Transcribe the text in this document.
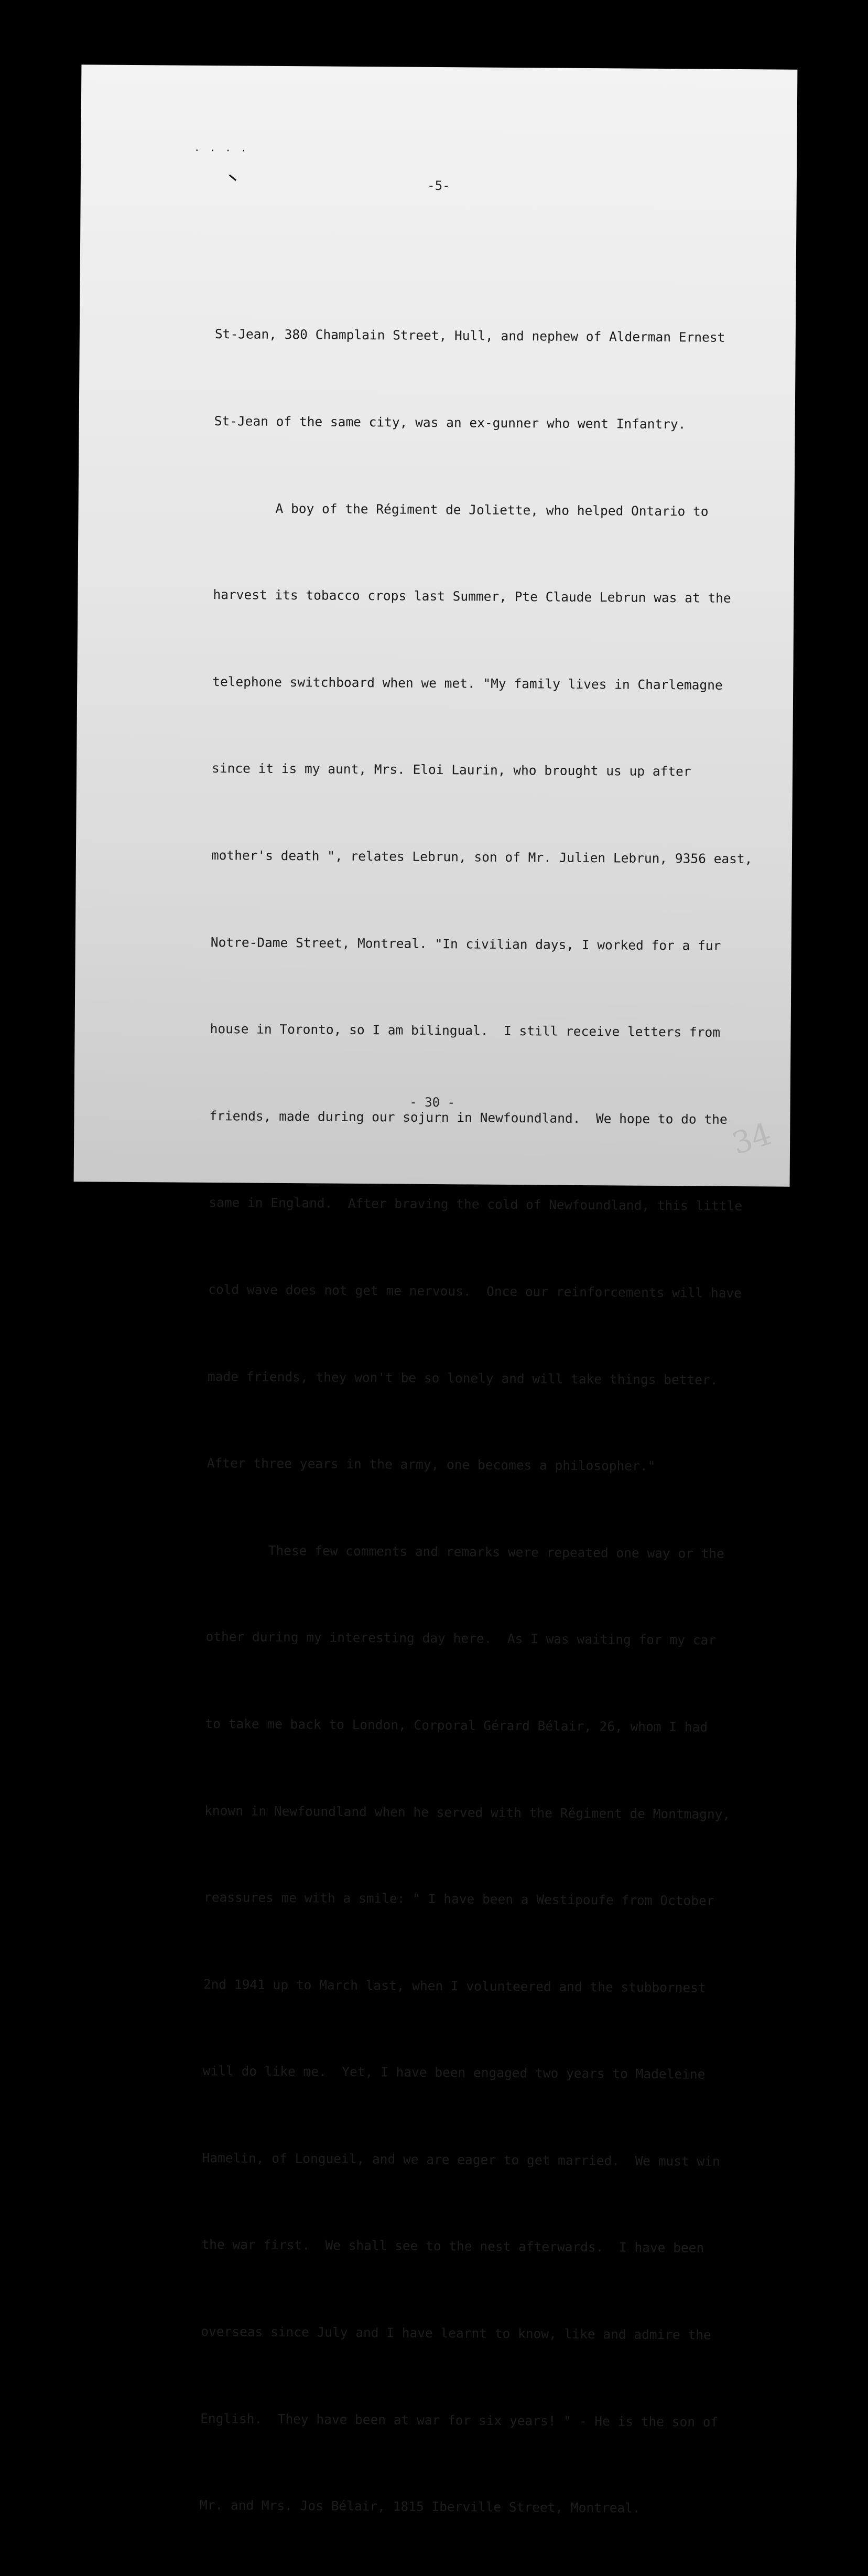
· · · ·
-5-

St-Jean, 380 Champlain Street, Hull, and nephew of Alderman Ernest

St-Jean of the same city, was an ex-gunner who went Infantry.

A boy of the Régiment de Joliette, who helped Ontario to

harvest its tobacco crops last Summer, Pte Claude Lebrun was at the

telephone switchboard when we met. "My family lives in Charlemagne

since it is my aunt, Mrs. Eloi Laurin, who brought us up after

mother's death ", relates Lebrun, son of Mr. Julien Lebrun, 9356 east,

Notre-Dame Street, Montreal. "In civilian days, I worked for a fur

house in Toronto, so I am bilingual.  I still receive letters from

friends, made during our sojurn in Newfoundland.  We hope to do the

same in England.  After braving the cold of Newfoundland, this little

cold wave does not get me nervous.  Once our reinforcements will have

made friends, they won't be so lonely and will take things better.

After three years in the army, one becomes a philosopher."

These few comments and remarks were repeated one way or the

other during my interesting day here.  As I was waiting for my car

to take me back to London, Corporal Gérard Bélair, 26, whom I had

known in Newfoundland when he served with the Régiment de Montmagny,

reassures me with a smile: " I have been a Westipoufe from October

2nd 1941 up to March last, when I volunteered and the stubbornest

will do like me.  Yet, I have been engaged two years to Madeleine

Hamelin, of Longueil, and we are eager to get married.  We must win

the war first.  We shall see to the nest afterwards.  I have been

overseas since July and I have learnt to know, like and admire the

English.  They have been at war for six years! " - He is the son of

Mr. and Mrs. Jos Bélair, 1815 Iberville Street, Montreal.

- 30 -
34
